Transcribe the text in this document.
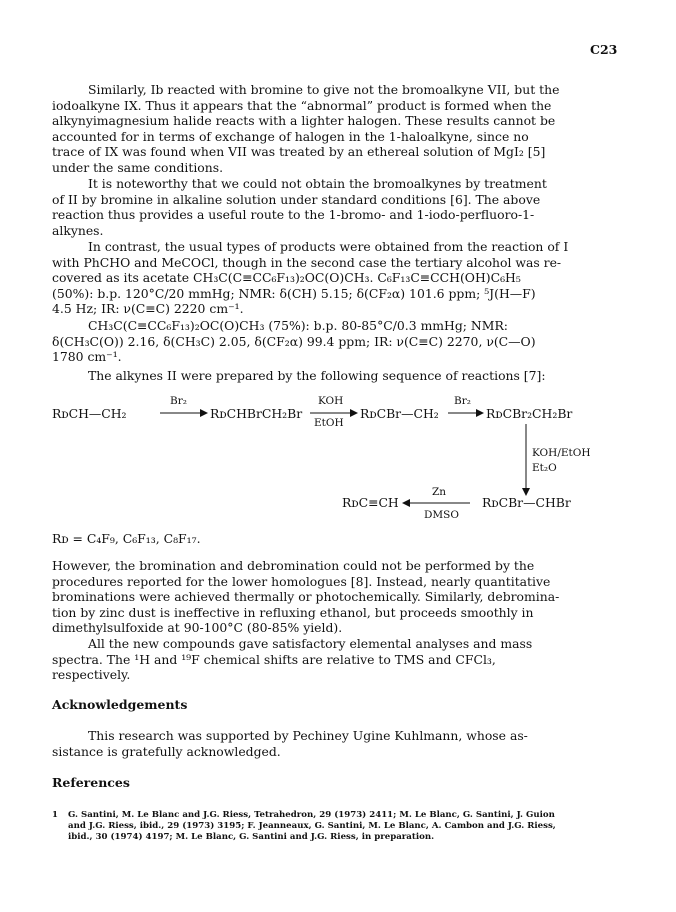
C23
Similarly, Ib reacted with bromine to give not the bromoalkyne VII, but the
iodoalkyne IX. Thus it appears that the “abnormal” product is formed when the
alkynyimagnesium halide reacts with a lighter halogen. These results cannot be
accounted for in terms of exchange of halogen in the 1-haloalkyne, since no
trace of IX was found when VII was treated by an ethereal solution of MgI₂ [5]
under the same conditions.
It is noteworthy that we could not obtain the bromoalkynes by treatment
of II by bromine in alkaline solution under standard conditions [6]. The above
reaction thus provides a useful route to the 1-bromo- and 1-iodo-perfluoro-1-
alkynes.
In contrast, the usual types of products were obtained from the reaction of I
with PhCHO and MeCOCl, though in the second case the tertiary alcohol was re-
covered as its acetate CH₃C(C≡CC₆F₁₃)₂OC(O)CH₃. C₆F₁₃C≡CCH(OH)C₆H₅
(50%): b.p. 120°C/20 mmHg; NMR: δ(CH) 5.15; δ(CF₂α) 101.6 ppm; ⁵J(H—F)
4.5 Hz; IR: ν(C≡C) 2220 cm⁻¹.
CH₃C(C≡CC₆F₁₃)₂OC(O)CH₃ (75%): b.p. 80-85°C/0.3 mmHg; NMR:
δ(CH₃C(O)) 2.16, δ(CH₃C) 2.05, δ(CF₂α) 99.4 ppm; IR: ν(C≡C) 2270, ν(C—O)
1780 cm⁻¹.
The alkynes II were prepared by the following sequence of reactions [7]:
RᴅCH—CH₂
Br₂
RᴅCHBrCH₂Br
KOH
EtOH
RᴅCBr—CH₂
Br₂
RᴅCBr₂CH₂Br
KOH/EtOH
Et₂O
RᴅCBr—CHBr
Zn
DMSO
RᴅC≡CH
Rᴅ = C₄F₉, C₆F₁₃, C₈F₁₇.
However, the bromination and debromination could not be performed by the
procedures reported for the lower homologues [8]. Instead, nearly quantitative
brominations were achieved thermally or photochemically. Similarly, debromina-
tion by zinc dust is ineffective in refluxing ethanol, but proceeds smoothly in
dimethylsulfoxide at 90-100°C (80-85% yield).
All the new compounds gave satisfactory elemental analyses and mass
spectra. The ¹H and ¹⁹F chemical shifts are relative to TMS and CFCl₃,
respectively.
Acknowledgements
This research was supported by Pechiney Ugine Kuhlmann, whose as-
sistance is gratefully acknowledged.
References
1 G. Santini, M. Le Blanc and J.G. Riess, Tetrahedron, 29 (1973) 2411; M. Le Blanc, G. Santini, J. Guion
and J.G. Riess, ibid., 29 (1973) 3195; F. Jeanneaux, G. Santini, M. Le Blanc, A. Cambon and J.G. Riess,
ibid., 30 (1974) 4197; M. Le Blanc, G. Santini and J.G. Riess, in preparation.
